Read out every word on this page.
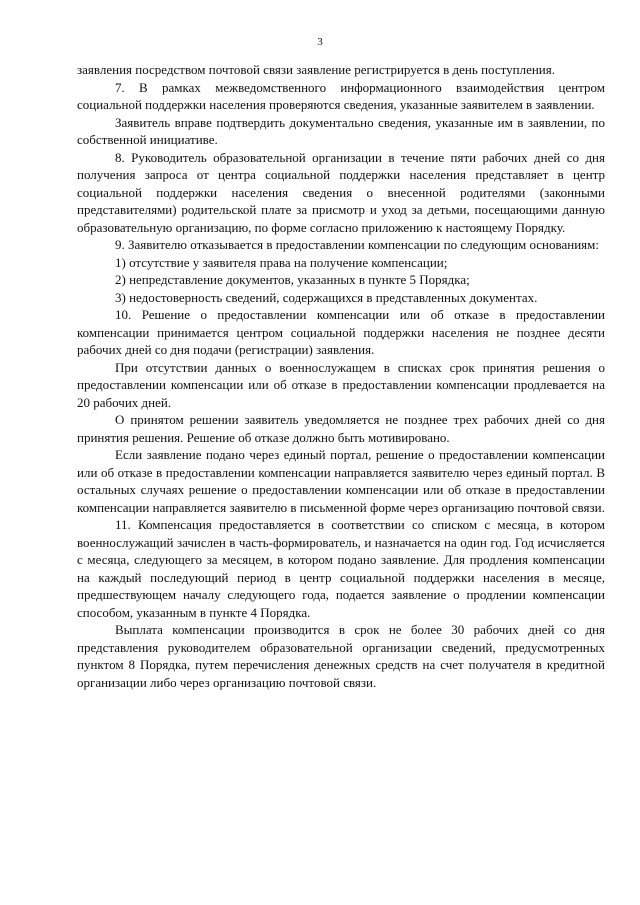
3

заявления посредством почтовой связи заявление регистрируется в день поступления.

7. В рамках межведомственного информационного взаимодействия центром социальной поддержки населения проверяются сведения, указанные заявителем в заявлении.

Заявитель вправе подтвердить документально сведения, указанные им в заявлении, по собственной инициативе.

8. Руководитель образовательной организации в течение пяти рабочих дней со дня получения запроса от центра социальной поддержки населения представляет в центр социальной поддержки населения сведения о внесенной родителями (законными представителями) родительской плате за присмотр и уход за детьми, посещающими данную образовательную организацию, по форме согласно приложению к настоящему Порядку.

9. Заявителю отказывается в предоставлении компенсации по следующим основаниям:

1) отсутствие у заявителя права на получение компенсации;

2) непредставление документов, указанных в пункте 5 Порядка;

3) недостоверность сведений, содержащихся в представленных документах.

10. Решение о предоставлении компенсации или об отказе в предоставлении компенсации принимается центром социальной поддержки населения не позднее десяти рабочих дней со дня подачи (регистрации) заявления.

При отсутствии данных о военнослужащем в списках срок принятия решения о предоставлении компенсации или об отказе в предоставлении компенсации продлевается на 20 рабочих дней.

О принятом решении заявитель уведомляется не позднее трех рабочих дней со дня принятия решения. Решение об отказе должно быть мотивировано.

Если заявление подано через единый портал, решение о предоставлении компенсации или об отказе в предоставлении компенсации направляется заявителю через единый портал. В остальных случаях решение о предоставлении компенсации или об отказе в предоставлении компенсации направляется заявителю в письменной форме через организацию почтовой связи.

11. Компенсация предоставляется в соответствии со списком с месяца, в котором военнослужащий зачислен в часть-формирователь, и назначается на один год. Год исчисляется с месяца, следующего за месяцем, в котором подано заявление. Для продления компенсации на каждый последующий период в центр социальной поддержки населения в месяце, предшествующем началу следующего года, подается заявление о продлении компенсации способом, указанным в пункте 4 Порядка.

Выплата компенсации производится в срок не более 30 рабочих дней со дня представления руководителем образовательной организации сведений, предусмотренных пунктом 8 Порядка, путем перечисления денежных средств на счет получателя в кредитной организации либо через организацию почтовой связи.
